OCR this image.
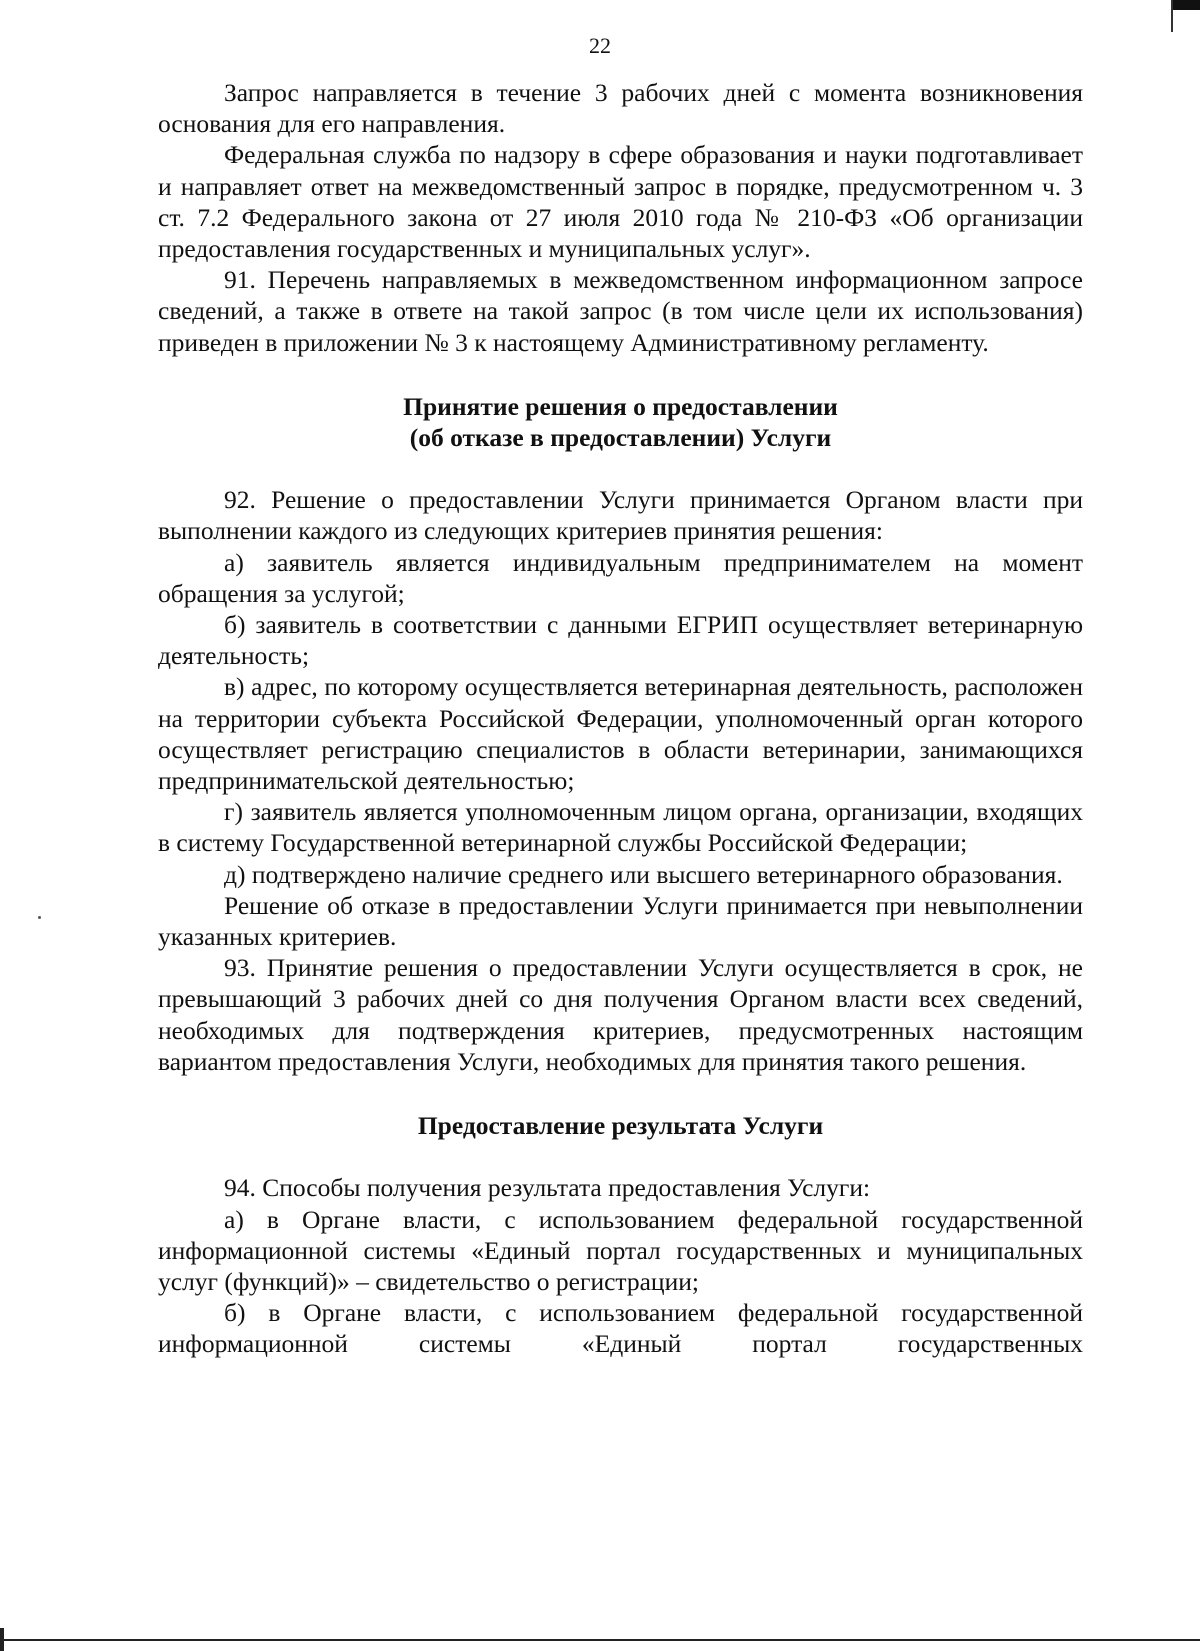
22

Запрос направляется в течение 3 рабочих дней с момента возникновения основания для его направления.

Федеральная служба по надзору в сфере образования и науки подготавливает и направляет ответ на межведомственный запрос в порядке, предусмотренном ч. 3 ст. 7.2 Федерального закона от 27 июля 2010 года № 210-ФЗ «Об организации предоставления государственных и муниципальных услуг».

91. Перечень направляемых в межведомственном информационном запросе сведений, а также в ответе на такой запрос (в том числе цели их использования) приведен в приложении № 3 к настоящему Административному регламенту.

Принятие решения о предоставлении

(об отказе в предоставлении) Услуги

92. Решение о предоставлении Услуги принимается Органом власти при выполнении каждого из следующих критериев принятия решения:

а) заявитель является индивидуальным предпринимателем на момент обращения за услугой;

б) заявитель в соответствии с данными ЕГРИП осуществляет ветеринарную деятельность;

в) адрес, по которому осуществляется ветеринарная деятельность, расположен на территории субъекта Российской Федерации, уполномоченный орган которого осуществляет регистрацию специалистов в области ветеринарии, занимающихся предпринимательской деятельностью;

г) заявитель является уполномоченным лицом органа, организации, входящих в систему Государственной ветеринарной службы Российской Федерации;

д) подтверждено наличие среднего или высшего ветеринарного образования.

Решение об отказе в предоставлении Услуги принимается при невыполнении указанных критериев.

93. Принятие решения о предоставлении Услуги осуществляется в срок, не превышающий 3 рабочих дней со дня получения Органом власти всех сведений, необходимых для подтверждения критериев, предусмотренных настоящим вариантом предоставления Услуги, необходимых для принятия такого решения.

Предоставление результата Услуги

94. Способы получения результата предоставления Услуги:

а) в Органе власти, с использованием федеральной государственной информационной системы «Единый портал государственных и муниципальных услуг (функций)» – свидетельство о регистрации;

б) в Органе власти, с использованием федеральной государственной информационной системы «Единый портал государственных
